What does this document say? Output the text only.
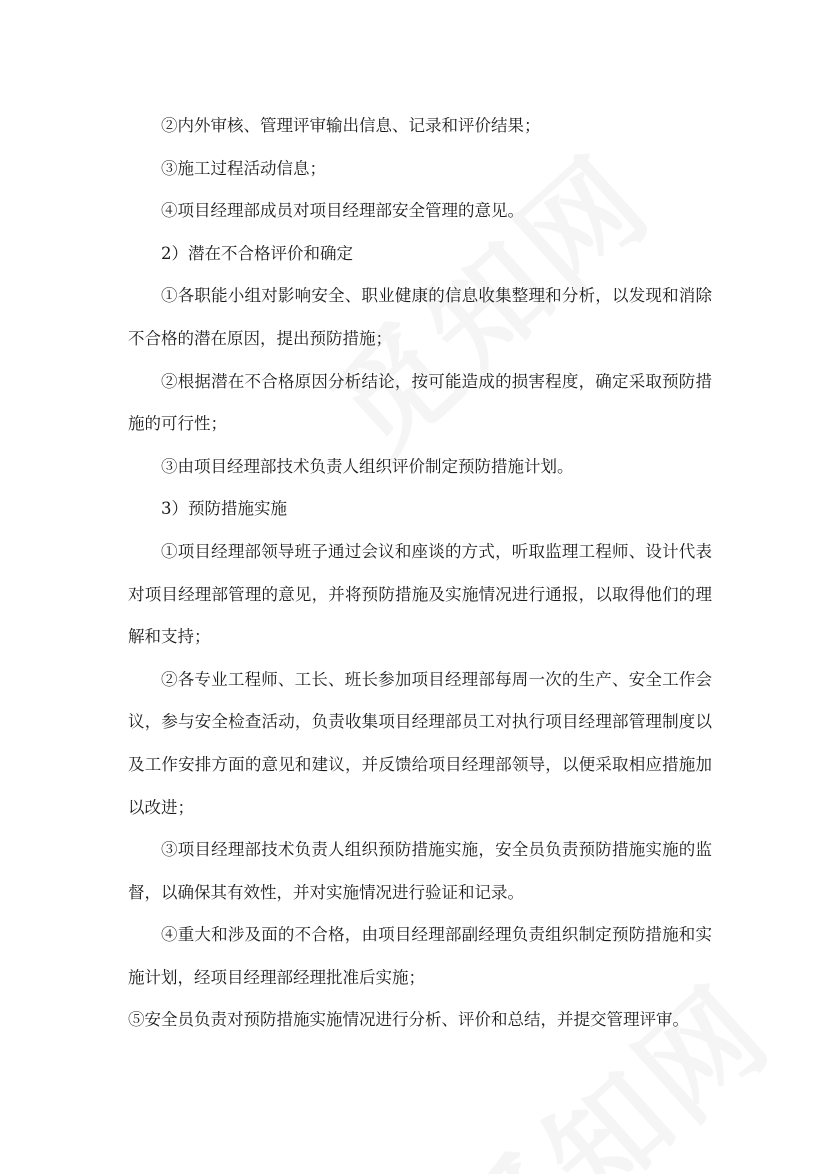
②内外审核、管理评审输出信息、记录和评价结果；

③施工过程活动信息；

④项目经理部成员对项目经理部安全管理的意见。

2）潜在不合格评价和确定

①各职能小组对影响安全、职业健康的信息收集整理和分析，以发现和消除不合格的潜在原因，提出预防措施；

②根据潜在不合格原因分析结论，按可能造成的损害程度，确定采取预防措施的可行性；

③由项目经理部技术负责人组织评价制定预防措施计划。

3）预防措施实施

①项目经理部领导班子通过会议和座谈的方式，听取监理工程师、设计代表对项目经理部管理的意见，并将预防措施及实施情况进行通报，以取得他们的理解和支持；

②各专业工程师、工长、班长参加项目经理部每周一次的生产、安全工作会议，参与安全检查活动，负责收集项目经理部员工对执行项目经理部管理制度以及工作安排方面的意见和建议，并反馈给项目经理部领导，以便采取相应措施加以改进；

③项目经理部技术负责人组织预防措施实施，安全员负责预防措施实施的监督，以确保其有效性，并对实施情况进行验证和记录。

④重大和涉及面的不合格，由项目经理部副经理负责组织制定预防措施和实施计划，经项目经理部经理批准后实施；

⑤安全员负责对预防措施实施情况进行分析、评价和总结，并提交管理评审。
